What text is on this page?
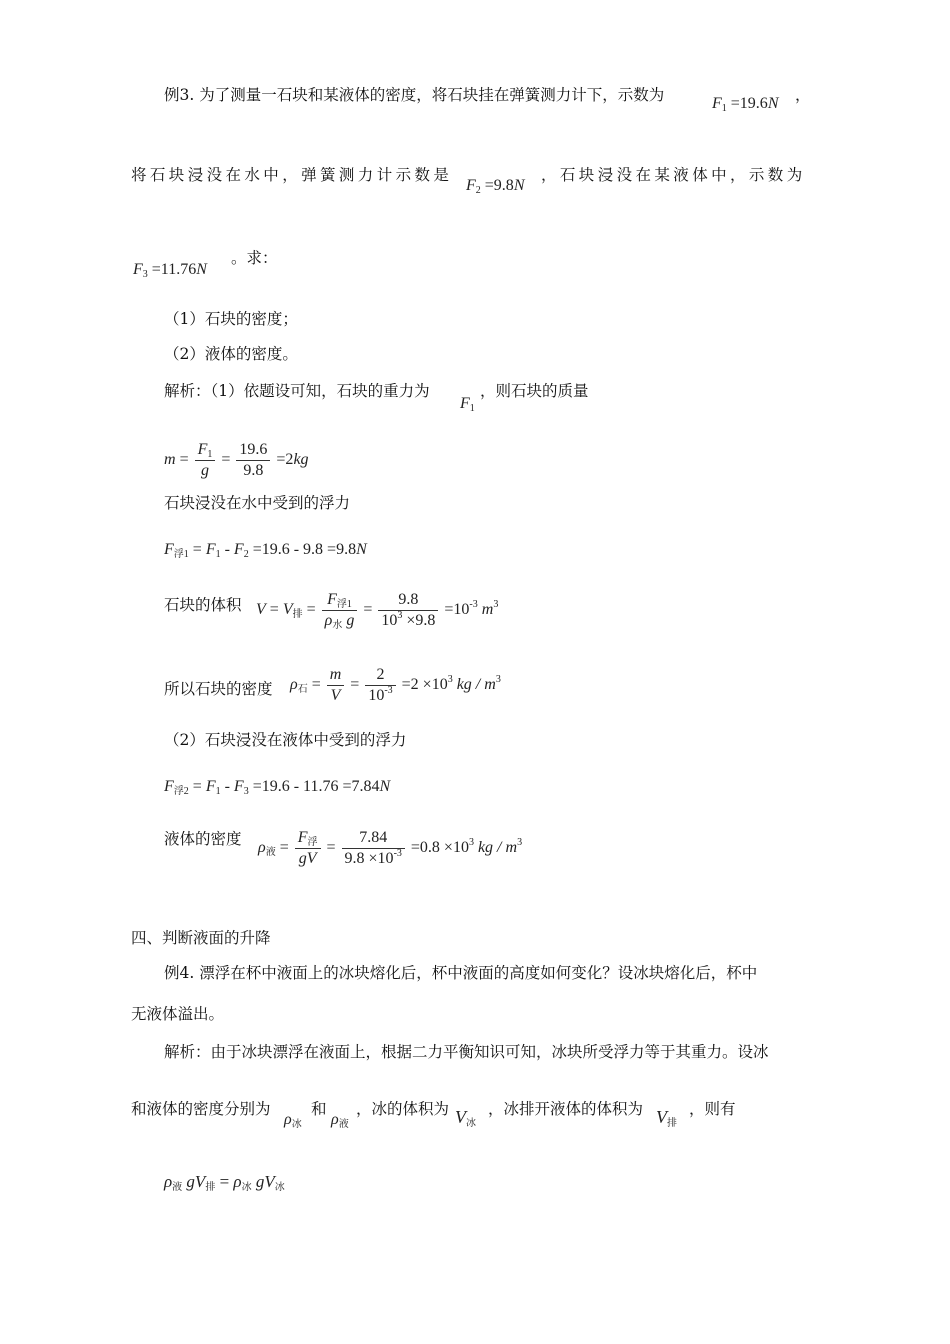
例3. 为了测量一石块和某液体的密度，将石块挂在弹簧测力计下，示数为	$F_1 =19.6N$ ，
将石块浸没在水中，弹簧测力计示数是
$F_2 =9.8N$
，石块浸没在某液体中，示数为
$F_3 =11.76N$
。求：
（1）石块的密度；
（2）液体的密度。
解析：（1）依题设可知，石块的重力为
$F_1$
，则石块的质量
$m = \frac{F_1}{g} = \frac{19.6}{9.8} =2kg$
石块浸没在水中受到的浮力
$F_{浮1} = F_1 - F_2 =19.6 - 9.8 =9.8N$
石块的体积 $V = V_排 = \frac{F_{浮1}}{\rho_水 g} = \frac{9.8}{10^3 \times 9.8} =10^{-3}$ $m^3$
所以石块的密度 $\rho_石 = \frac{m}{V} = \frac{2}{10^{-3}} =2 \times 10^3$ kg / $m^3$
（2）石块浸没在液体中受到的浮力
$F_{浮2} = F_1 - F_3 =19.6 - 11.76 =7.84N$
液体的密度 $\rho_液 = \frac{F_浮}{gV} = \frac{7.84}{9.8 \times 10^{-3}} =0.8 \times 10^3$ kg / $m^3$
四、判断液面的升降
例4. 漂浮在杯中液面上的冰块熔化后，杯中液面的高度如何变化？设冰块熔化后，杯中
无液体溢出。
解析：由于冰块漂浮在液面上，根据二力平衡知识可知，冰块所受浮力等于其重力。设冰
和液体的密度分别为
$\rho_冰$
和
$\rho_液$
，冰的体积为 $V_冰$
，冰排开液体的体积为 $V_排$
，则有
$\rho_液$ $gV_排 = \rho_冰$ $gV_冰$
